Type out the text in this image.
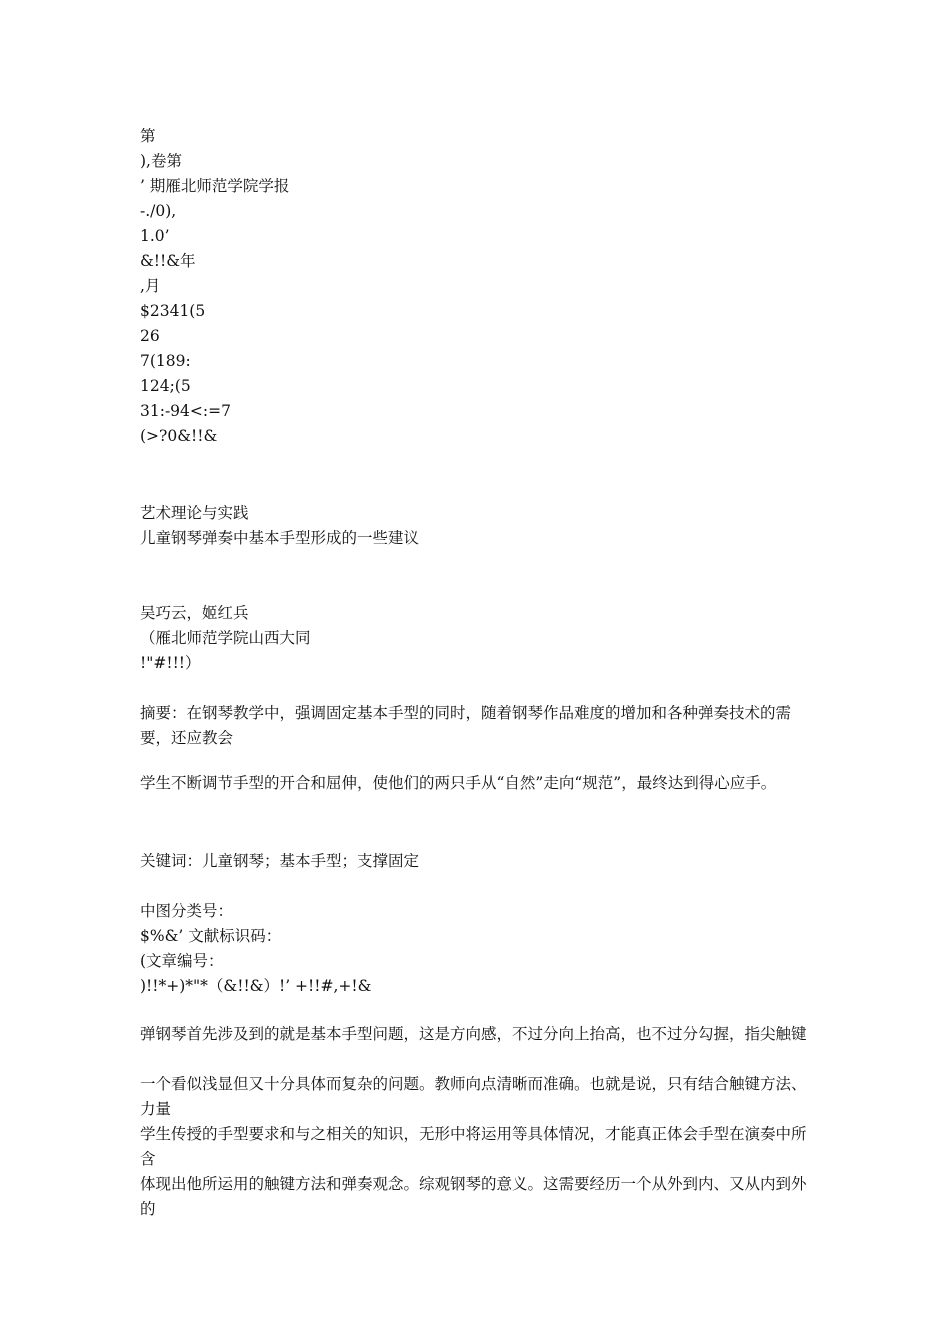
第
),卷第
’ 期雁北师范学院学报
-./0),
1.0’
&!!&年
,月
$2341(5
26
7(189:
124;(5
31:-94<:=7
(>?0&!!&
艺术理论与实践
儿童钢琴弹奏中基本手型形成的一些建议
吴巧云，姬红兵
（雁北师范学院山西大同
!"#!!!）
摘要：在钢琴教学中，强调固定基本手型的同时，随着钢琴作品难度的增加和各种弹奏技术的需要，还应教会
学生不断调节手型的开合和屈伸，使他们的两只手从“自然”走向“规范”，最终达到得心应手。
关键词：儿童钢琴；基本手型；支撑固定
中图分类号：
$%&’ 文献标识码：
(文章编号：
)!!*+)*"*（&!!&）!’ +!!#,+!&
弹钢琴首先涉及到的就是基本手型问题，这是方向感，不过分向上抬高，也不过分勾握，指尖触键
一个看似浅显但又十分具体而复杂的问题。教师向点清晰而准确。也就是说，只有结合触键方法、力量
学生传授的手型要求和与之相关的知识，无形中将运用等具体情况，才能真正体会手型在演奏中所含
体现出他所运用的触键方法和弹奏观念。综观钢琴的意义。这需要经历一个从外到内、又从内到外的
